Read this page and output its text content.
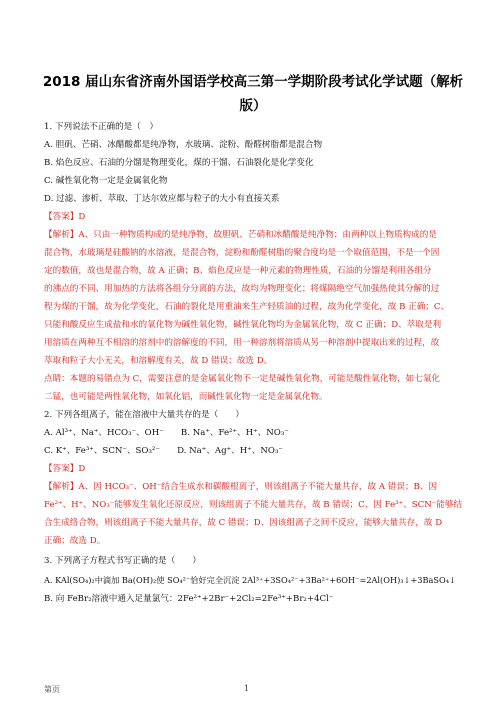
2018 届山东省济南外国语学校高三第一学期阶段考试化学试题（解析
版）
1. 下列说法不正确的是（　）
A. 胆矾、芒硝、冰醋酸都是纯净物，水玻璃、淀粉、酚醛树脂都是混合物
B. 焰色反应、石油的分馏是物理变化，煤的干馏、石油裂化是化学变化
C. 碱性氧化物一定是金属氧化物
D. 过滤、渗析、萃取、丁达尔效应都与粒子的大小有直接关系
【答案】D
【解析】A、只由一种物质构成的是纯净物，故胆矾、芒硝和冰醋酸是纯净物；由两种以上物质构成的是
混合物，水玻璃是硅酸钠的水溶液，是混合物，淀粉和酚醛树脂的聚合度均是一个取值范围，不是一个固
定的数值，故也是混合物，故 A 正确；B、焰色反应是一种元素的物理性质，石油的分馏是利用各组分
的沸点的不同、用加热的方法将各组分分离的方法，故均为物理变化；将煤隔绝空气加强热使其分解的过
程为煤的干馏，故为化学变化，石油的裂化是用重油来生产轻质油的过程，故为化学变化，故 B 正确；C、
只能和酸反应生成盐和水的氧化物为碱性氧化物，碱性氧化物均为金属氧化物，故 C 正确；D、萃取是利
用溶质在两种互不相溶的溶剂中的溶解度的不同，用一种溶剂将溶质从另一种溶剂中提取出来的过程，故
萃取和粒子大小无关，和溶解度有关，故 D 错误；故选 D。
点睛：本题的易错点为 C，需要注意的是金属氧化物不一定是碱性氧化物，可能是酸性氧化物，如七氧化
二锰，也可能是两性氧化物，如氧化铝，而碱性氧化物一定是金属氧化物。
2. 下列各组离子，能在溶液中大量共存的是（　　）
A. Al³⁺、Na⁺、HCO₃⁻、OH⁻　　B. Na⁺、Fe²⁺、H⁺、NO₃⁻
C. K⁺、Fe³⁺、SCN⁻、SO₃²⁻　　D. Na⁺、Ag⁺、H⁺、NO₃⁻
【答案】D
【解析】A、因 HCO₃⁻、OH⁻结合生成水和碳酸根离子，则该组离子不能大量共存，故 A 错误；B、因
Fe²⁺、H⁺、NO₃⁻能够发生氧化还原反应，则该组离子不能大量共存，故 B 错误；C、因 Fe³⁺、SCN⁻能够结
合生成络合物，则该组离子不能大量共存，故 C 错误；D、因该组离子之间不反应，能够大量共存，故 D
正确；故选 D。
3. 下列离子方程式书写正确的是（　　）
A. KAl(SO₄)₂中滴加 Ba(OH)₂使 SO₄²⁻恰好完全沉淀 2Al³⁺+3SO₄²⁻+3Ba²⁺+6OH⁻=2Al(OH)₃↓+3BaSO₄↓
B. 向 FeBr₂溶液中通入足量氯气：2Fe²⁺+2Br⁻+2Cl₂=2Fe³⁺+Br₂+4Cl⁻
第页	1
